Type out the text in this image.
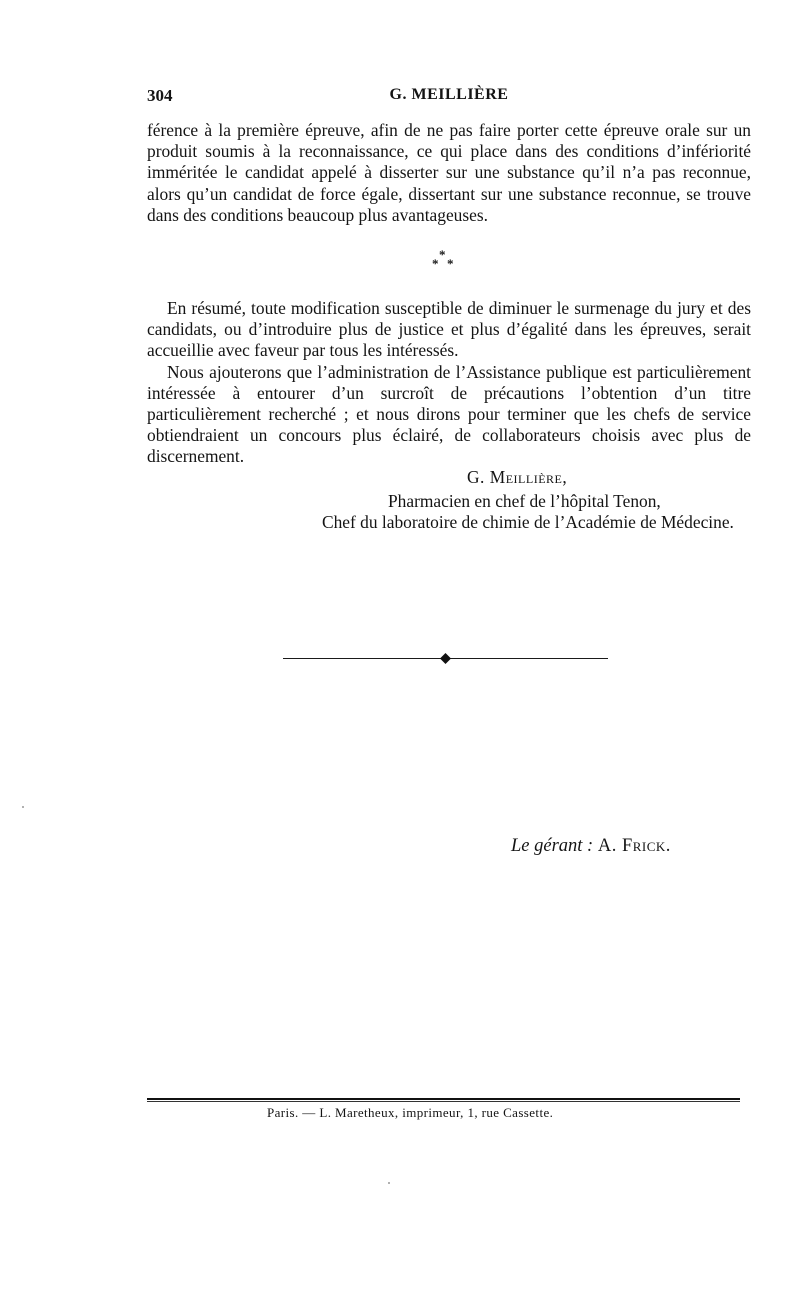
304	G. MEILLIÈRE

férence à la première épreuve, afin de ne pas faire porter cette épreuve orale sur un produit soumis à la reconnaissance, ce qui place dans des conditions d’infériorité imméritée le candidat appelé à disserter sur une substance qu’il n’a pas reconnue, alors qu’un candidat de force égale, dissertant sur une substance reconnue, se trouve dans des conditions beaucoup plus avantageuses.

*
* *

En résumé, toute modification susceptible de diminuer le surmenage du jury et des candidats, ou d’introduire plus de justice et plus d’égalité dans les épreuves, serait accueillie avec faveur par tous les intéressés.

Nous ajouterons que l’administration de l’Assistance publique est particulièrement intéressée à entourer d’un surcroît de précautions l’obtention d’un titre particulièrement recherché ; et nous dirons pour terminer que les chefs de service obtiendraient un concours plus éclairé, de collaborateurs choisis avec plus de discernement.

G. Meillière,
Pharmacien en chef de l’hôpital Tenon,
Chef du laboratoire de chimie de l’Académie de Médecine.
Le gérant : A. Frick.
Paris. — L. Maretheux, imprimeur, 1, rue Cassette.
